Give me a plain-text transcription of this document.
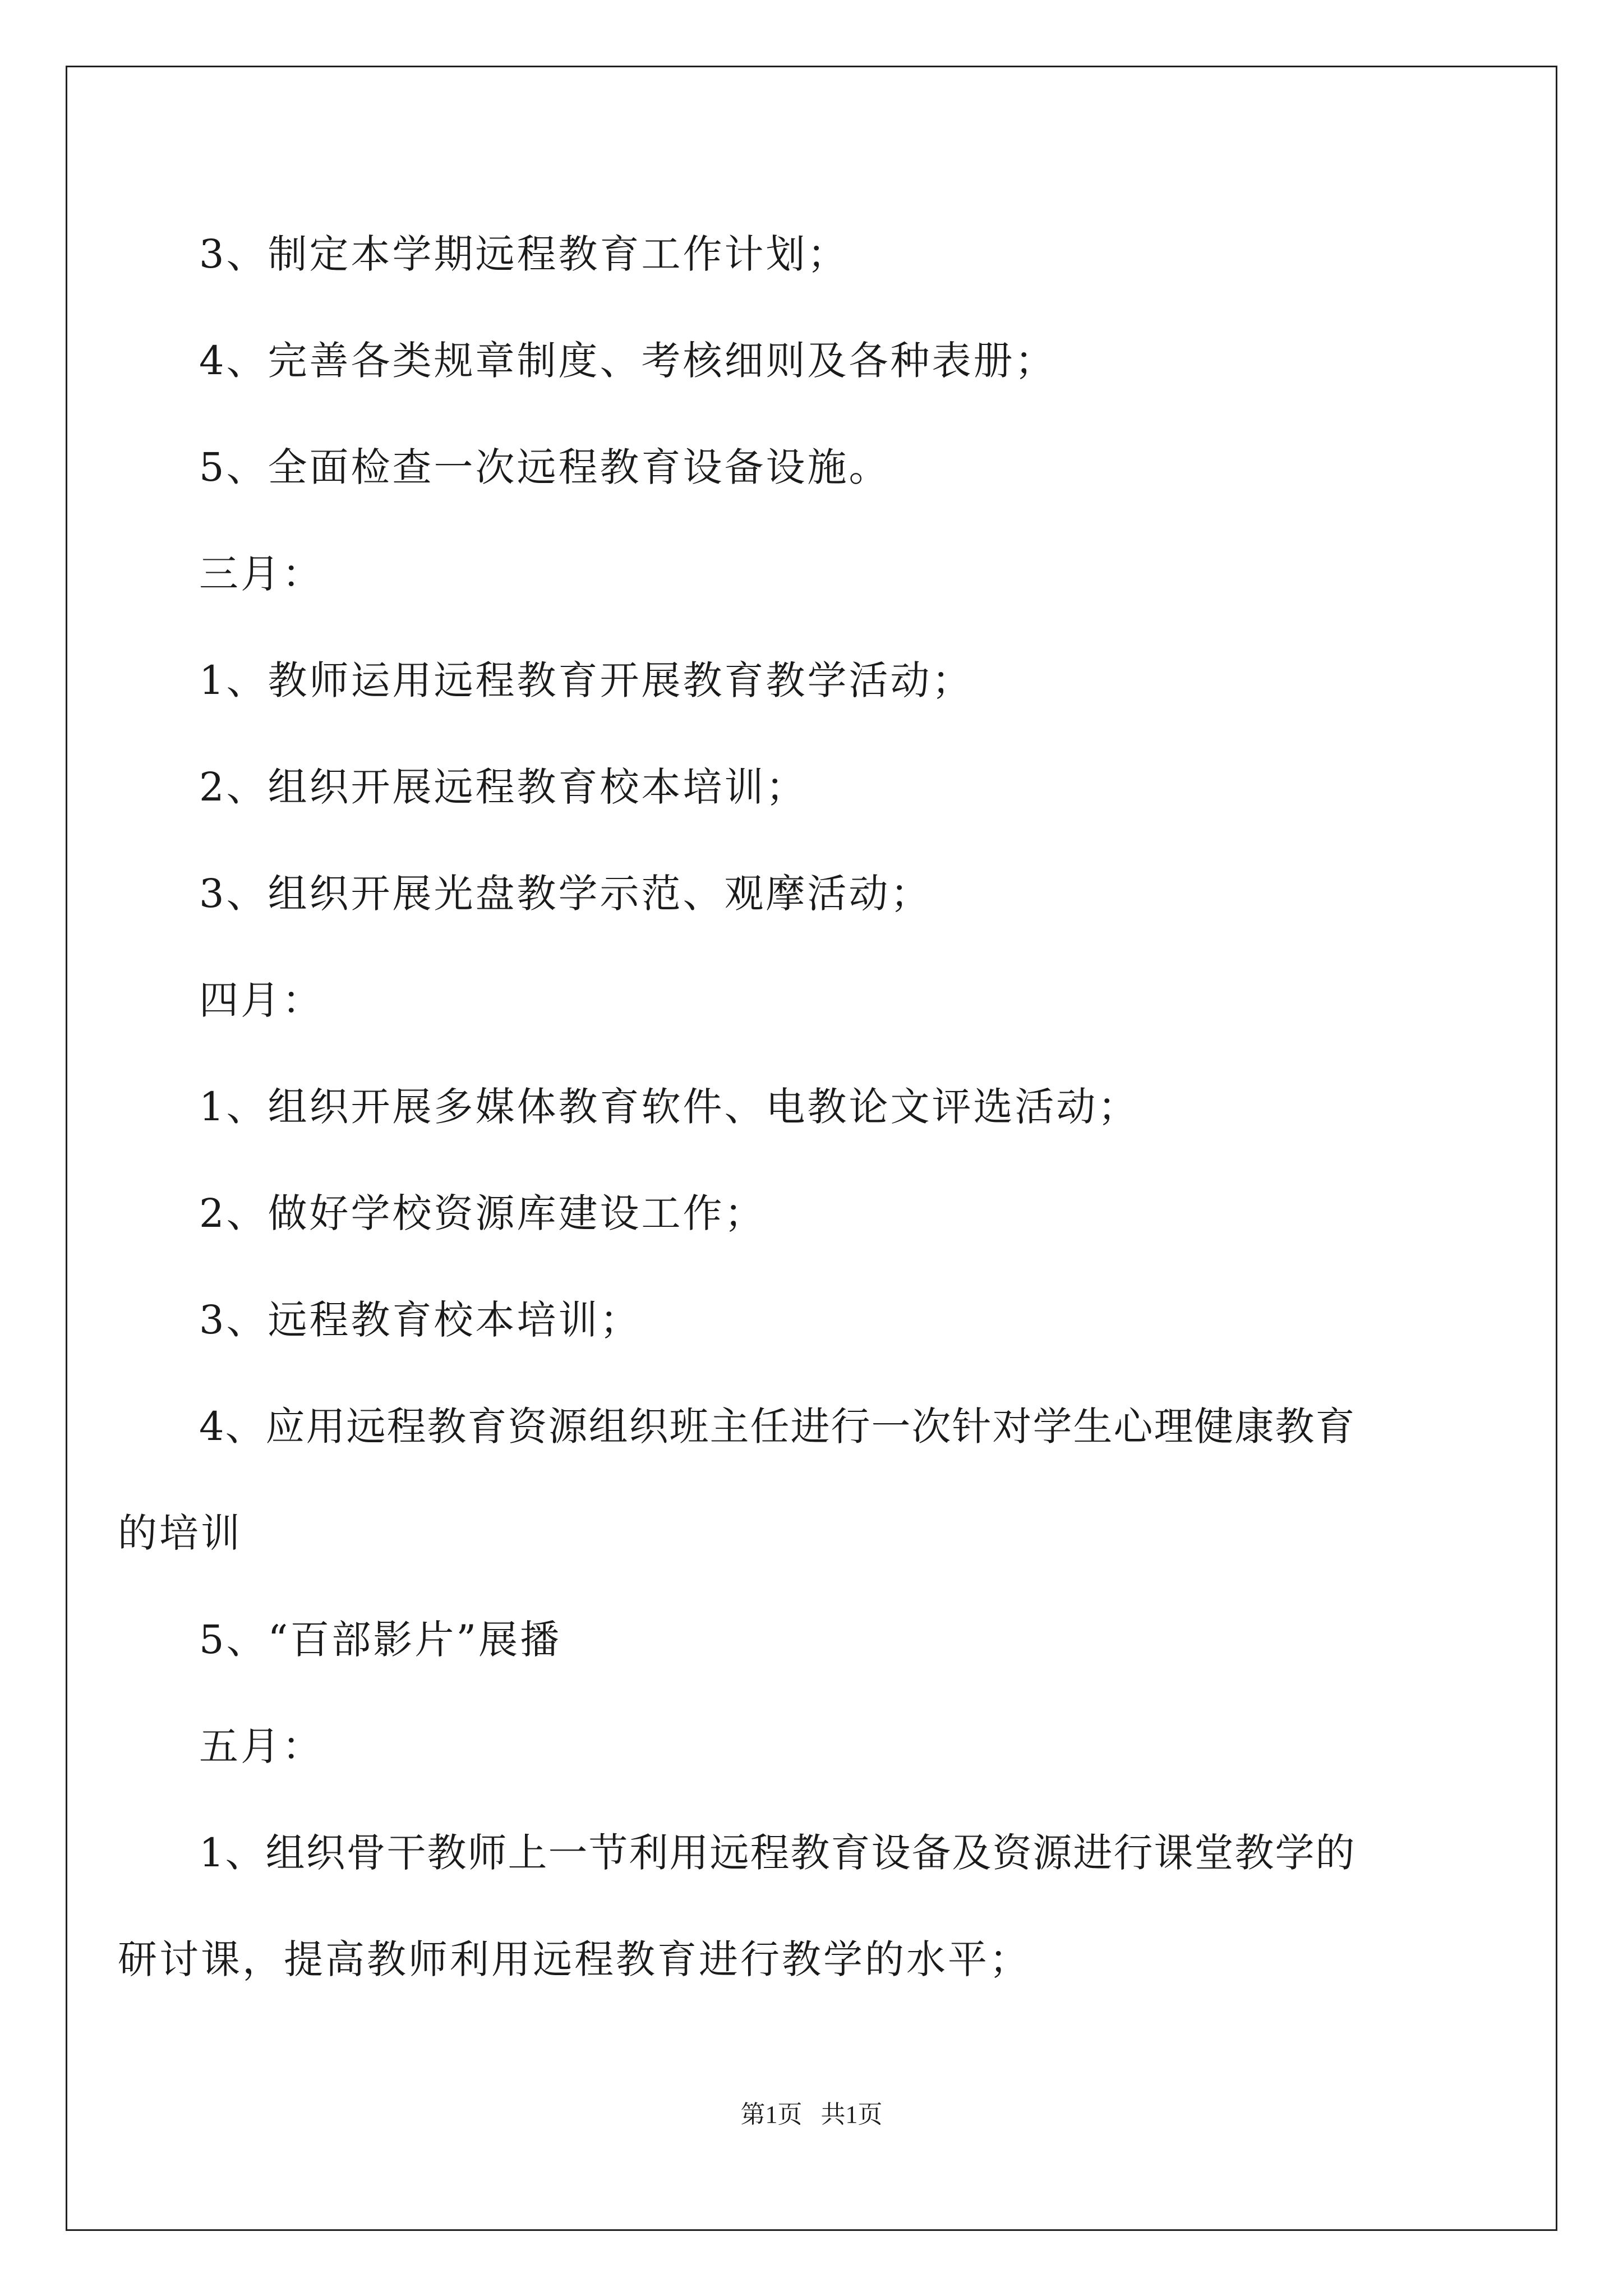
3、制定本学期远程教育工作计划；
4、完善各类规章制度、考核细则及各种表册；
5、全面检查一次远程教育设备设施。
三月：
1、教师运用远程教育开展教育教学活动；
2、组织开展远程教育校本培训；
3、组织开展光盘教学示范、观摩活动；
四月：
1、组织开展多媒体教育软件、电教论文评选活动；
2、做好学校资源库建设工作；
3、远程教育校本培训；
4、应用远程教育资源组织班主任进行一次针对学生心理健康教育
的培训
5、“百部影片”展播
五月：
1、组织骨干教师上一节利用远程教育设备及资源进行课堂教学的
研讨课，提高教师利用远程教育进行教学的水平；
第1页   共1页
